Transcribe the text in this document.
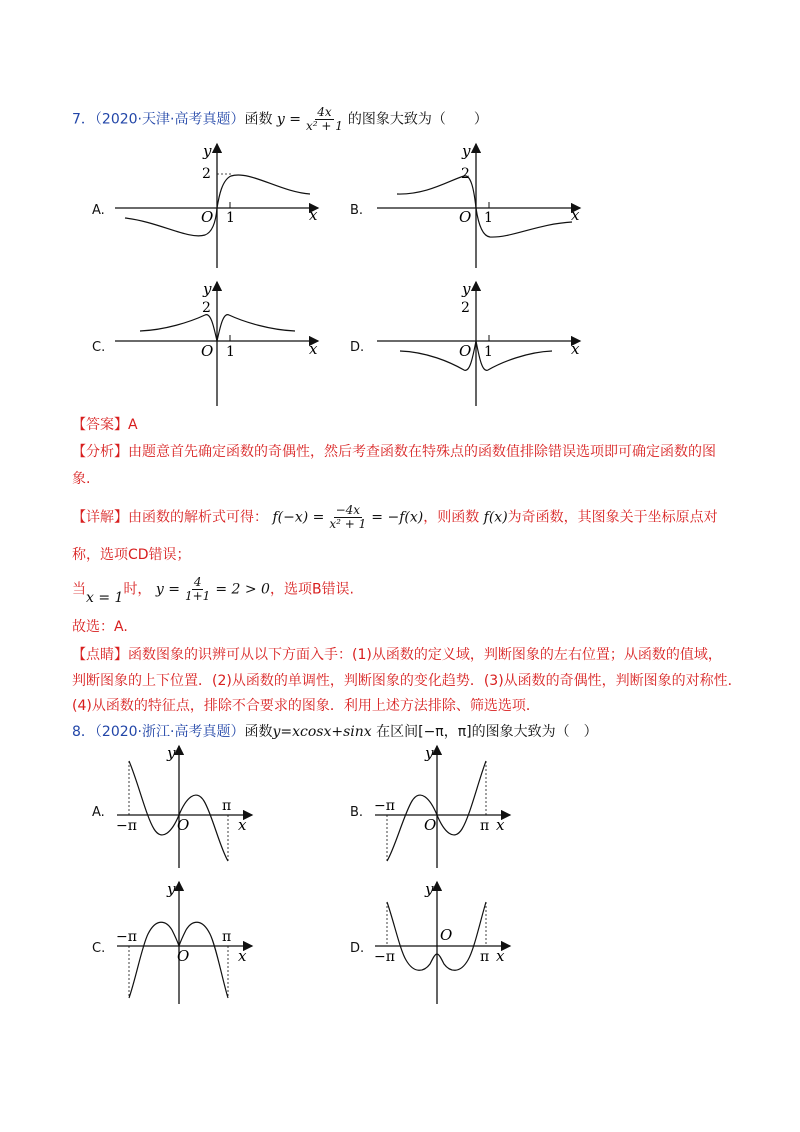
7．（2020·天津·高考真题）函数 $y = \frac{4x}{\text{x² + 1}}$ 的图象大致为（　　）
A.	B.
C.	D.
y
2
O 1	x
y
2
O 1	x
y
2
O 1	x
y
2
O 1	x
【答案】A
【分析】由题意首先确定函数的奇偶性，然后考查函数在特殊点的函数值排除错误选项即可确定函数的图
象.
【详解】由函数的解析式可得： $f(-x) = \frac{-4x}{\text{x² + 1}} = -f(x)$，则函数 f(x)为奇函数，其图象关于坐标原点对
称，选项CD错误；
当x = 1时， $y = \frac{4}{1+1} = 2 > 0$，选项B错误.
故选：A.
【点睛】函数图象的识辨可从以下方面入手：(1)从函数的定义域，判断图象的左右位置；从函数的值域，
判断图象的上下位置．(2)从函数的单调性，判断图象的变化趋势．(3)从函数的奇偶性，判断图象的对称性．
(4)从函数的特征点，排除不合要求的图象．利用上述方法排除、筛选选项．
8．（2020·浙江·高考真题）函数y=xcosx+sinx 在区间[−π，π]的图象大致为（　）
A.	B.
C.	D.
y
−π	O
π
x
y
−π
O	π x
y
−π
O
π
x
y
−π
O
π x
